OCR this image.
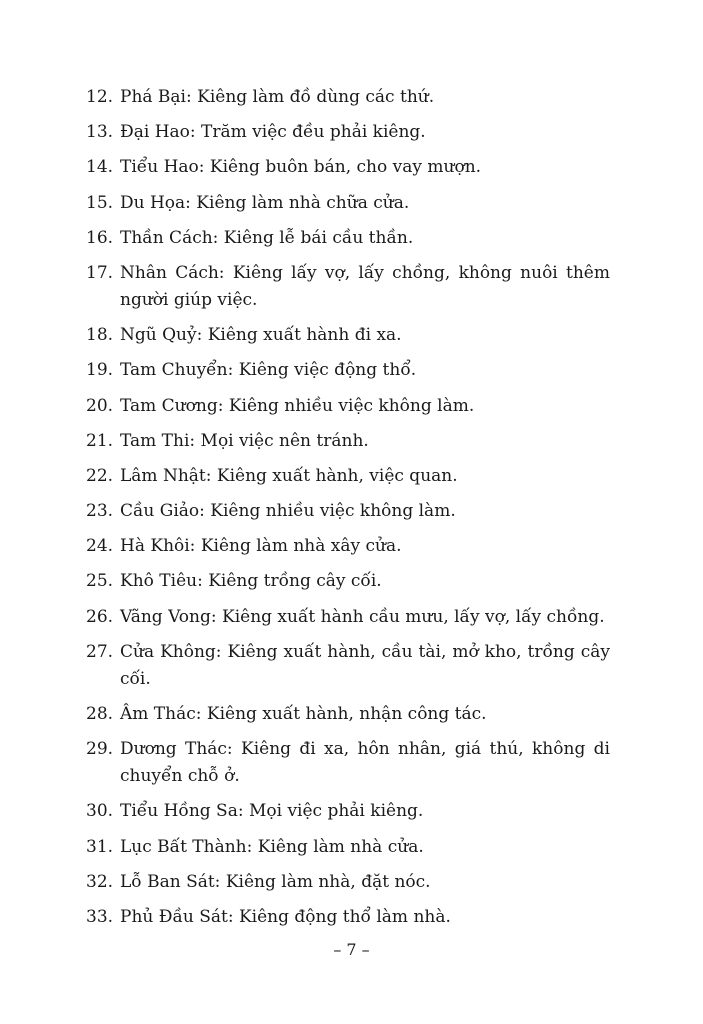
12. Phá Bại: Kiêng làm đồ dùng các thứ.
13. Đại Hao: Trăm việc đều phải kiêng.
14. Tiểu Hao: Kiêng buôn bán, cho vay mượn.
15. Du Họa: Kiêng làm nhà chữa cửa.
16. Thần Cách: Kiêng lễ bái cầu thần.
17. Nhân Cách: Kiêng lấy vợ, lấy chồng, không nuôi thêm người giúp việc.
18. Ngũ Quỷ: Kiêng xuất hành đi xa.
19. Tam Chuyển: Kiêng việc động thổ.
20. Tam Cương: Kiêng nhiều việc không làm.
21. Tam Thi: Mọi việc nên tránh.
22. Lâm Nhật: Kiêng xuất hành, việc quan.
23. Cầu Giảo: Kiêng nhiều việc không làm.
24. Hà Khôi: Kiêng làm nhà xây cửa.
25. Khô Tiêu: Kiêng trồng cây cối.
26. Vãng Vong: Kiêng xuất hành cầu mưu, lấy vợ, lấy chồng.
27. Cửa Không: Kiêng xuất hành, cầu tài, mở kho, trồng cây cối.
28. Âm Thác: Kiêng xuất hành, nhận công tác.
29. Dương Thác: Kiêng đi xa, hôn nhân, giá thú, không di chuyển chỗ ở.
30. Tiểu Hồng Sa: Mọi việc phải kiêng.
31. Lục Bất Thành: Kiêng làm nhà cửa.
32. Lỗ Ban Sát: Kiêng làm nhà, đặt nóc.
33. Phủ Đầu Sát: Kiêng động thổ làm nhà.
– 7 –
